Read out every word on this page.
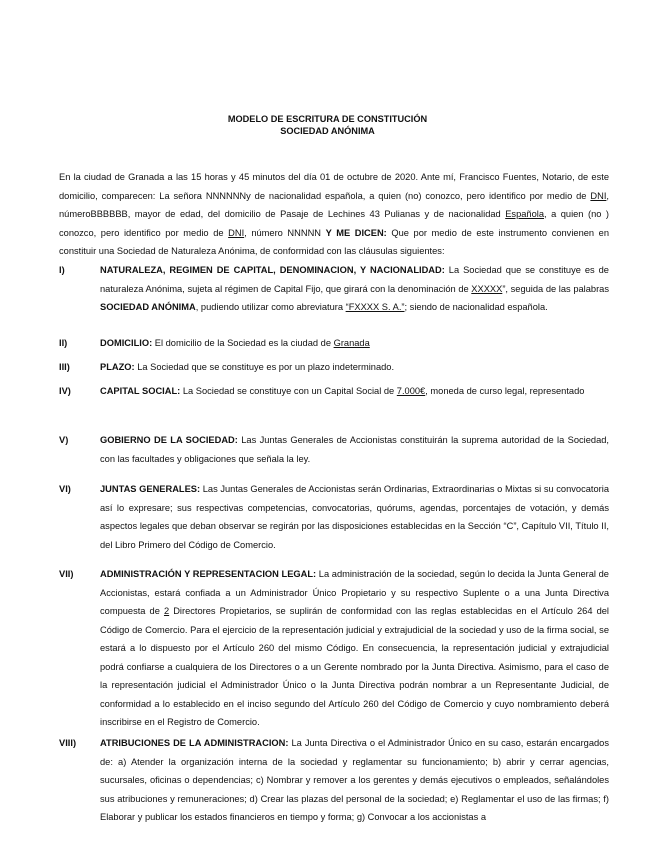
MODELO DE ESCRITURA DE CONSTITUCIÓN
SOCIEDAD ANÓNIMA

En la ciudad de Granada a las 15 horas y 45 minutos del día 01 de octubre de 2020. Ante mí, Francisco Fuentes, Notario, de este domicilio, comparecen: La señora NNNNNNy de nacionalidad española, a quien (no) conozco, pero identifico por medio de DNI, númeroBBBBBB, mayor de edad, del domicilio de Pasaje de Lechines 43 Pulianas y de nacionalidad Española, a quien (no ) conozco, pero identifico por medio de DNI, número NNNNN Y ME DICEN: Que por medio de este instrumento convienen en constituir una Sociedad de Naturaleza Anónima, de conformidad con las cláusulas siguientes:

I)	NATURALEZA, REGIMEN DE CAPITAL, DENOMINACION, Y NACIONALIDAD: La Sociedad que se constituye es de naturaleza Anónima, sujeta al régimen de Capital Fijo, que girará con la denominación de XXXXX”, seguida de las palabras SOCIEDAD ANÓNIMA, pudiendo utilizar como abreviatura “FXXXX S. A.”; siendo de nacionalidad española.

II)	DOMICILIO: El domicilio de la Sociedad es la ciudad de Granada

III)	PLAZO: La Sociedad que se constituye es por un plazo indeterminado.

IV)	CAPITAL SOCIAL: La Sociedad se constituye con un Capital Social de 7.000€, moneda de curso legal, representado

V)	GOBIERNO DE LA SOCIEDAD: Las Juntas Generales de Accionistas constituirán la suprema autoridad de la Sociedad, con las facultades y obligaciones que señala la ley.

VI)	JUNTAS GENERALES: Las Juntas Generales de Accionistas serán Ordinarias, Extraordinarias o Mixtas si su convocatoria así lo expresare; sus respectivas competencias, convocatorias, quórums, agendas, porcentajes de votación, y demás aspectos legales que deban observar se regirán por las disposiciones establecidas en la Sección “C”, Capítulo VII, Título II, del Libro Primero del Código de Comercio.

VII)	ADMINISTRACIÓN Y REPRESENTACION LEGAL: La administración de la sociedad, según lo decida la Junta General de Accionistas, estará confiada a un Administrador Único Propietario y su respectivo Suplente o a una Junta Directiva compuesta de 2 Directores Propietarios, se suplirán de conformidad con las reglas establecidas en el Artículo 264 del Código de Comercio. Para el ejercicio de la representación judicial y extrajudicial de la sociedad y uso de la firma social, se estará a lo dispuesto por el Artículo 260 del mismo Código. En consecuencia, la representación judicial y extrajudicial podrá confiarse a cualquiera de los Directores o a un Gerente nombrado por la Junta Directiva. Asimismo, para el caso de la representación judicial el Administrador Único o la Junta Directiva podrán nombrar a un Representante Judicial, de conformidad a lo establecido en el inciso segundo del Artículo 260 del Código de Comercio y cuyo nombramiento deberá inscribirse en el Registro de Comercio.

VIII)	ATRIBUCIONES DE LA ADMINISTRACION: La Junta Directiva o el Administrador Único en su caso, estarán encargados de: a) Atender la organización interna de la sociedad y reglamentar su funcionamiento; b) abrir y cerrar agencias, sucursales, oficinas o dependencias; c) Nombrar y remover a los gerentes y demás ejecutivos o empleados, señalándoles sus atribuciones y remuneraciones; d) Crear las plazas del personal de la sociedad; e) Reglamentar el uso de las firmas; f) Elaborar y publicar los estados financieros en tiempo y forma; g) Convocar a los accionistas a
